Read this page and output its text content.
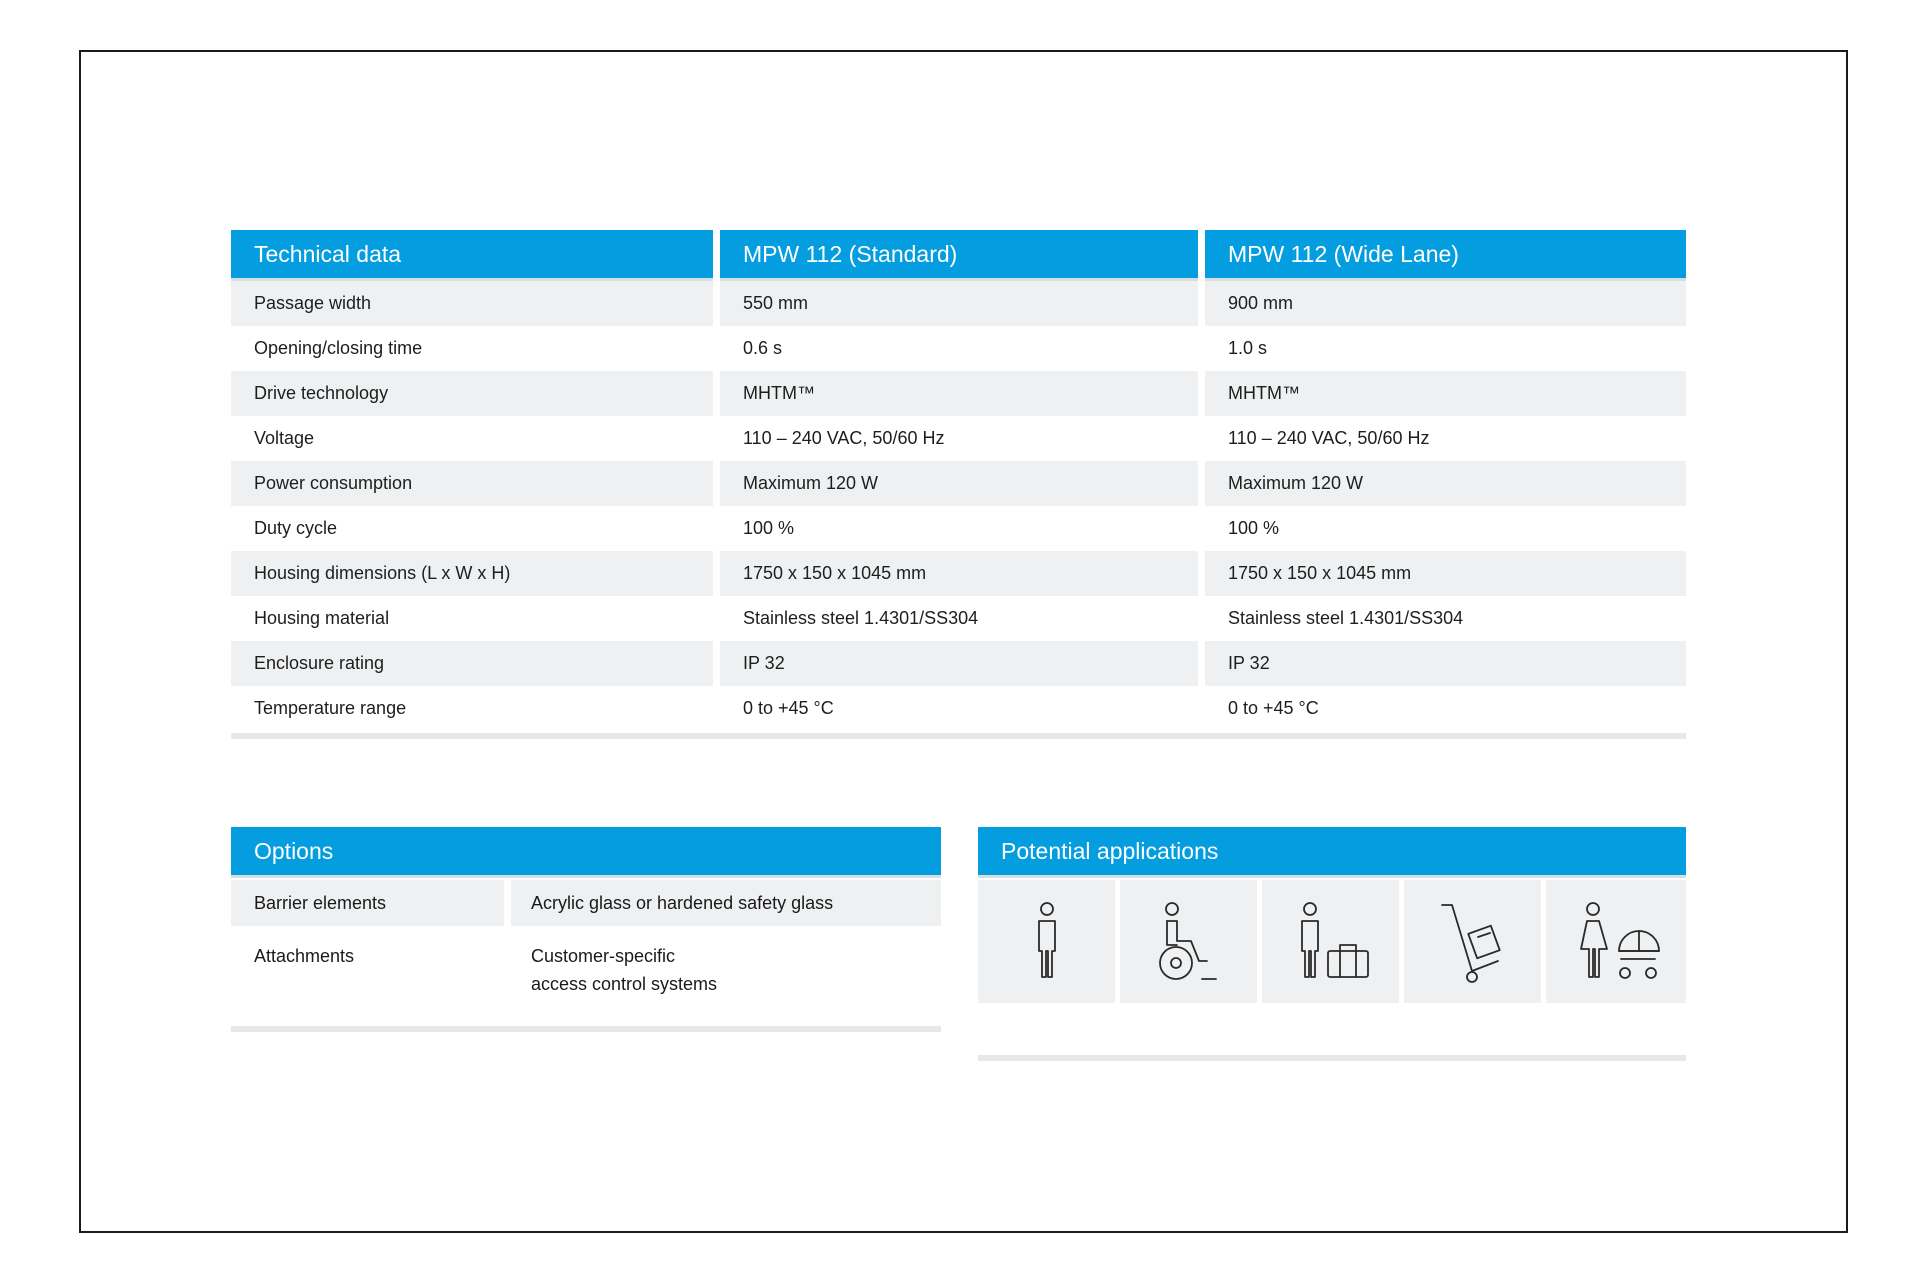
Technical data	MPW 112 (Standard)	MPW 112 (Wide Lane)
Passage width	550 mm	900 mm
Opening/closing time	0.6 s	1.0 s
Drive technology	MHTM™	MHTM™
Voltage	110 – 240 VAC, 50/60 Hz	110 – 240 VAC, 50/60 Hz
Power consumption	Maximum 120 W	Maximum 120 W
Duty cycle	100 %	100 %
Housing dimensions (L x W x H)	1750 x 150 x 1045 mm	1750 x 150 x 1045 mm
Housing material	Stainless steel 1.4301/SS304	Stainless steel 1.4301/SS304
Enclosure rating	IP 32	IP 32
Temperature range	0 to +45 °C	0 to +45 °C
Options
Barrier elements	Acrylic glass or hardened safety glass
Attachments	Customer-specific

access control systems

Potential applications
